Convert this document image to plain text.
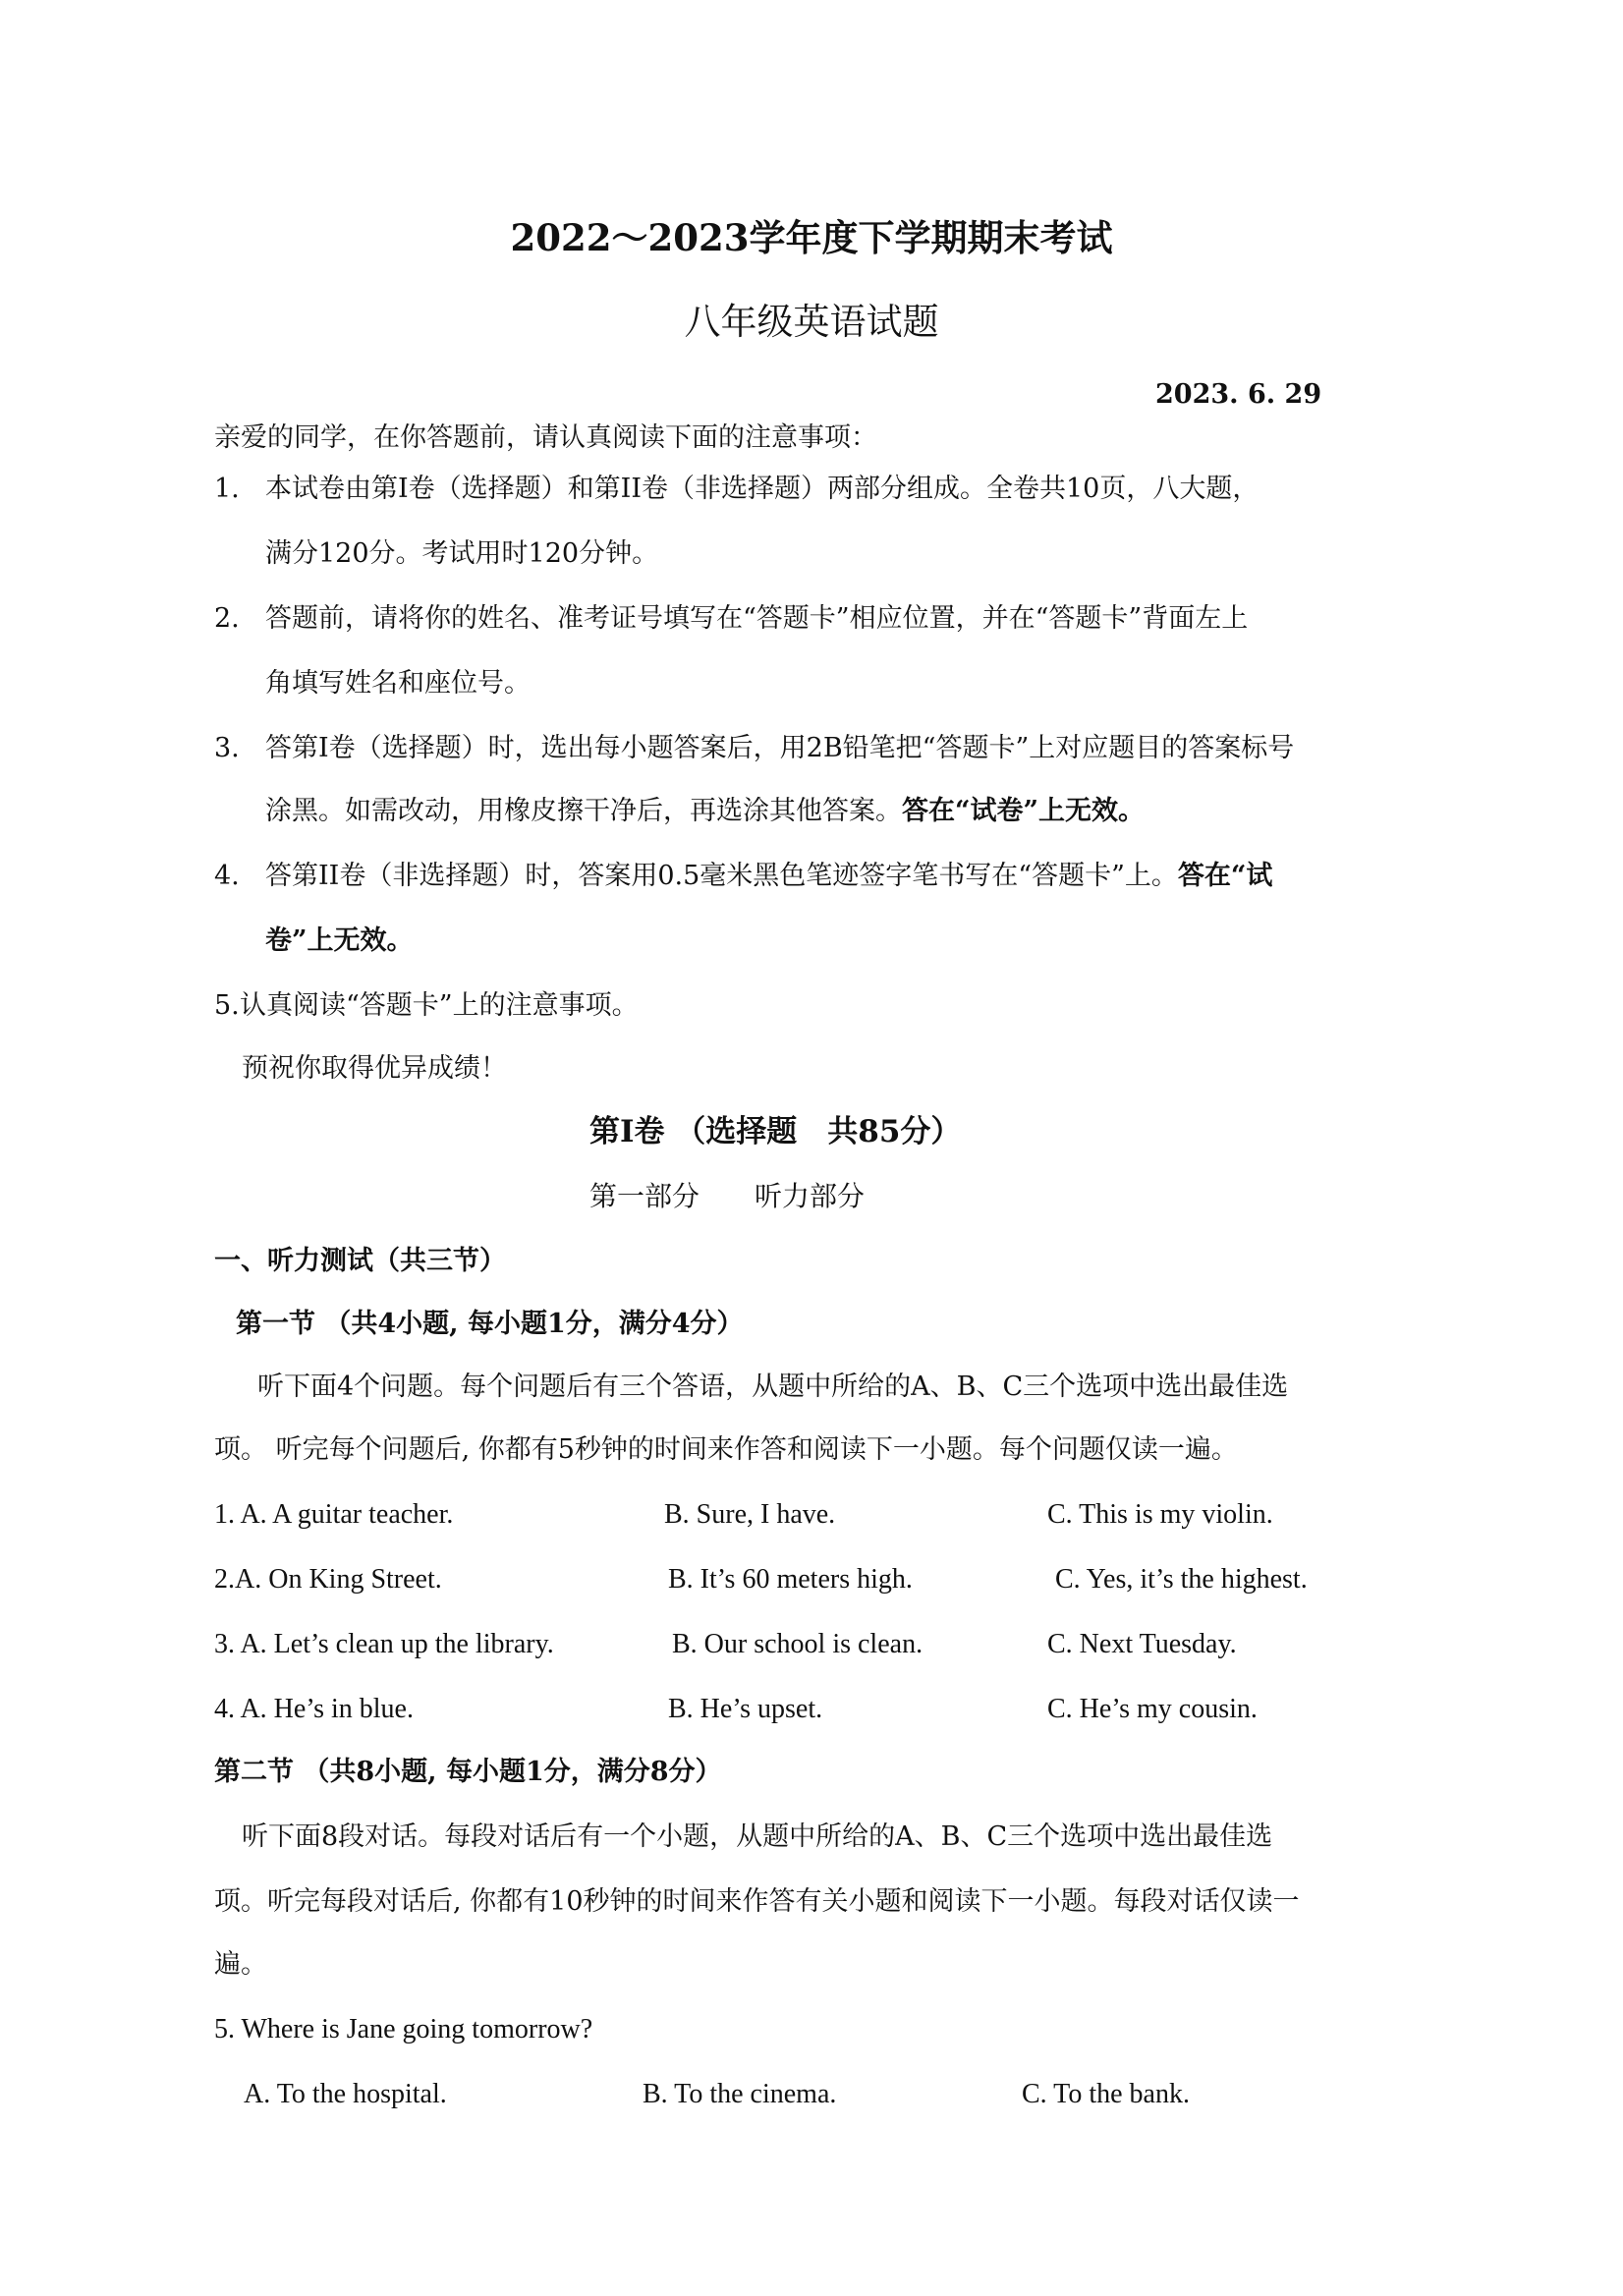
2022～2023学年度下学期期末考试
八年级英语试题
2023. 6. 29
亲爱的同学，在你答题前，请认真阅读下面的注意事项：
1. 本试卷由第I卷（选择题）和第II卷（非选择题）两部分组成。全卷共10页，八大题，
满分120分。考试用时120分钟。
2. 答题前，请将你的姓名、准考证号填写在“答题卡”相应位置，并在“答题卡”背面左上
角填写姓名和座位号。
3. 答第I卷（选择题）时，选出每小题答案后，用2B铅笔把“答题卡”上对应题目的答案标号
涂黑。如需改动，用橡皮擦干净后，再选涂其他答案。答在“试卷”上无效。
4. 答第II卷（非选择题）时，答案用0.5毫米黑色笔迹签字笔书写在“答题卡”上。答在“试
卷”上无效。
5. 认真阅读“答题卡”上的注意事项。
预祝你取得优异成绩！
第I卷 （选择题　共85分）
第一部分　　听力部分
一、听力测试（共三节）
第一节 （共4小题, 每小题1分，满分4分）
听下面4个问题。每个问题后有三个答语，从题中所给的A、B、C三个选项中选出最佳选
项。 听完每个问题后, 你都有5秒钟的时间来作答和阅读下一小题。每个问题仅读一遍。
1. A. A guitar teacher.	B. Sure, I have.	C. This is my violin.
2.A. On King Street.	B. It’s 60 meters high.	C. Yes, it’s the highest.
3. A. Let’s clean up the library.	B. Our school is clean.	C. Next Tuesday.
4. A. He’s in blue.	B. He’s upset.	C. He’s my cousin.
第二节 （共8小题, 每小题1分，满分8分）
听下面8段对话。每段对话后有一个小题，从题中所给的A、B、C三个选项中选出最佳选
项。听完每段对话后, 你都有10秒钟的时间来作答有关小题和阅读下一小题。每段对话仅读一
遍。
5. Where is Jane going tomorrow?
A. To the hospital.	B. To the cinema.	C. To the bank.
